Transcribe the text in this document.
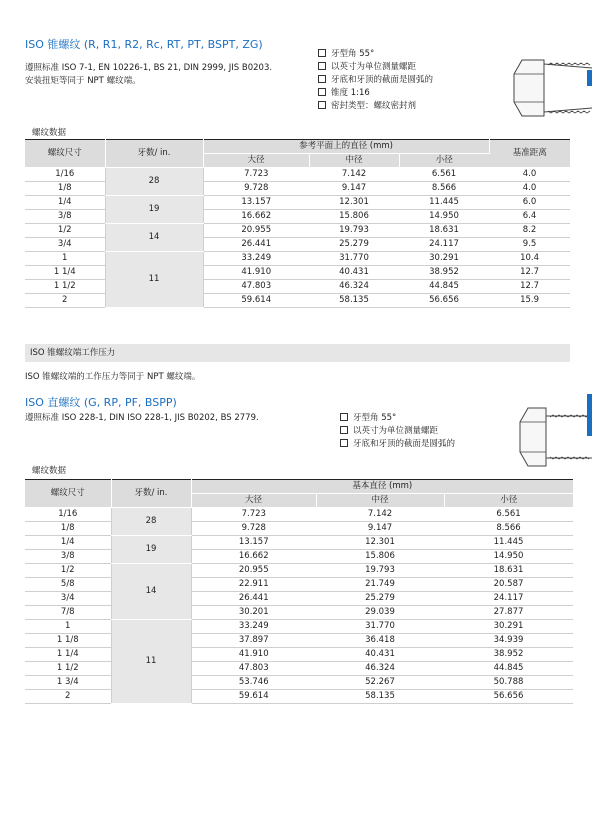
ISO 锥螺纹 (R, R1, R2, Rc, RT, PT, BSPT, ZG)
遵照标准 ISO 7-1, EN 10226-1, BS 21, DIN 2999, JIS B0203.
安装扭矩等同于 NPT 螺纹端。
牙型角 55°
以英寸为单位测量螺距
牙底和牙顶的截面是圆弧的
锥度 1:16
密封类型：螺纹密封剂
螺纹数据
螺纹尺寸	牙数/ in.	参考平面上的直径 (mm)			基准距离
		大径	中径	小径	
1/16	28	7.723	7.142	6.561	4.0
1/8		9.728	9.147	8.566	4.0
1/4	19	13.157	12.301	11.445	6.0
3/8		16.662	15.806	14.950	6.4
1/2	14	20.955	19.793	18.631	8.2
3/4		26.441	25.279	24.117	9.5
1	11	33.249	31.770	30.291	10.4
1 1/4		41.910	40.431	38.952	12.7
1 1/2		47.803	46.324	44.845	12.7
2		59.614	58.135	56.656	15.9
ISO 锥螺纹端工作压力
ISO 锥螺纹端的工作压力等同于 NPT 螺纹端。
ISO 直螺纹 (G, RP, PF, BSPP)
遵照标准 ISO 228-1, DIN ISO 228-1, JIS B0202, BS 2779.	牙型角 55°
以英寸为单位测量螺距
牙底和牙顶的截面是圆弧的
螺纹数据
螺纹尺寸	牙数/ in.	基本直径 (mm)		
		大径	中径	小径
1/16	28	7.723	7.142	6.561
1/8		9.728	9.147	8.566
1/4	19	13.157	12.301	11.445
3/8		16.662	15.806	14.950
1/2	14	20.955	19.793	18.631
5/8		22.911	21.749	20.587
3/4		26.441	25.279	24.117
7/8		30.201	29.039	27.877
1	11	33.249	31.770	30.291
1 1/8		37.897	36.418	34.939
1 1/4		41.910	40.431	38.952
1 1/2		47.803	46.324	44.845
1 3/4		53.746	52.267	50.788
2		59.614	58.135	56.656
